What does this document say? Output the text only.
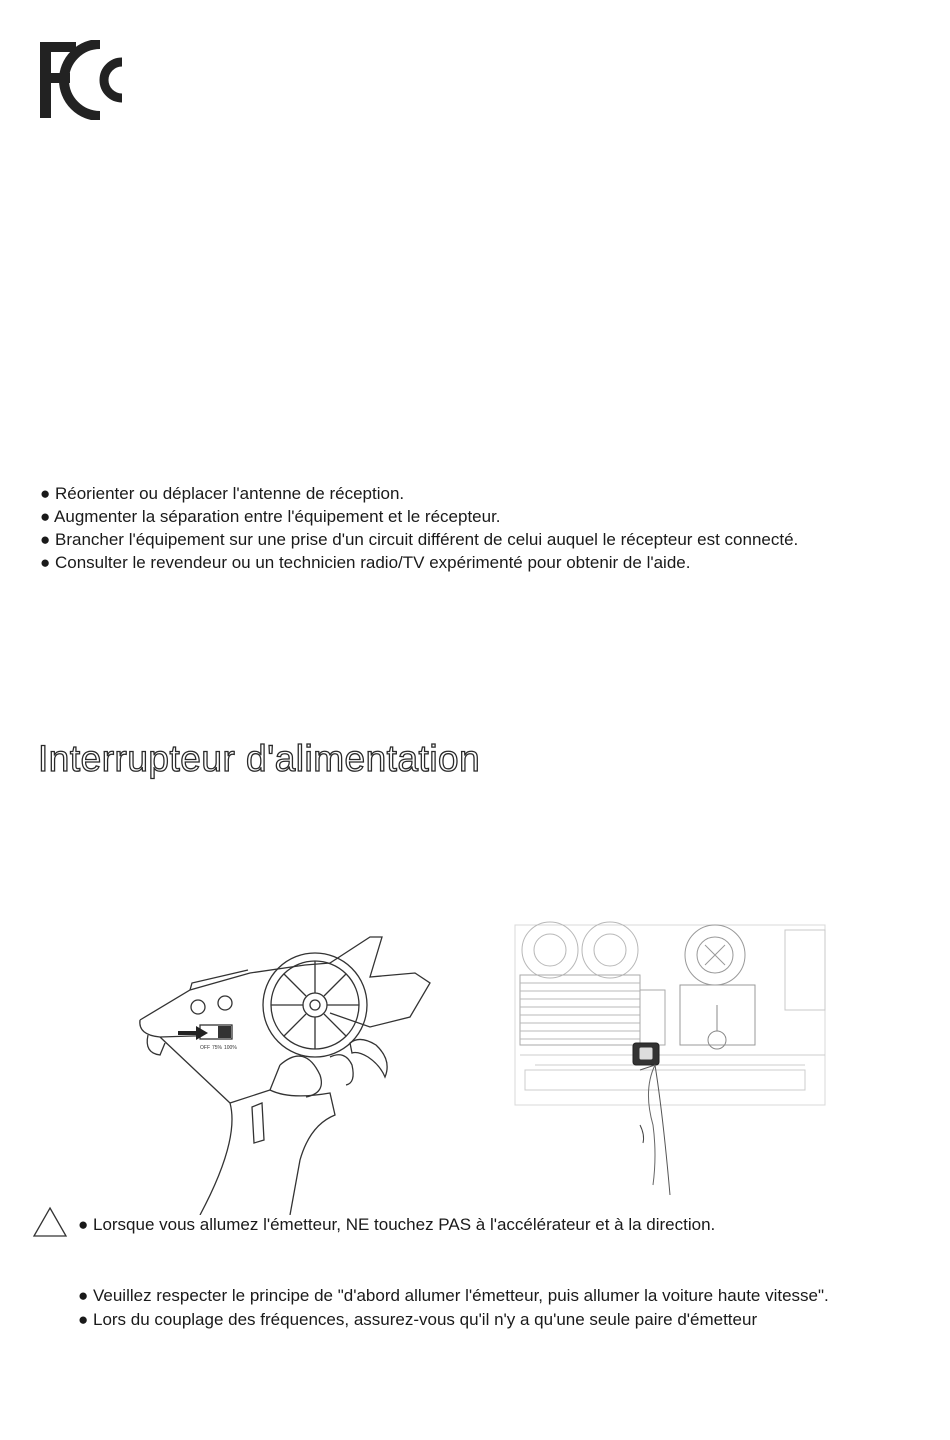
● Réorienter ou déplacer l'antenne de réception.
● Augmenter la séparation entre l'équipement et le récepteur.
● Brancher l'équipement sur une prise d'un circuit différent de celui auquel le récepteur est connecté.
● Consulter le revendeur ou un technicien radio/TV expérimenté pour obtenir de l'aide.
Interrupteur d'alimentation
OFF 75% 100%
● Lorsque vous allumez l'émetteur, NE touchez PAS à l'accélérateur et à la direction.
● Veuillez respecter le principe de "d'abord allumer l'émetteur, puis allumer la voiture haute vitesse".
● Lors du couplage des fréquences, assurez-vous qu'il n'y a qu'une seule paire d'émetteur
